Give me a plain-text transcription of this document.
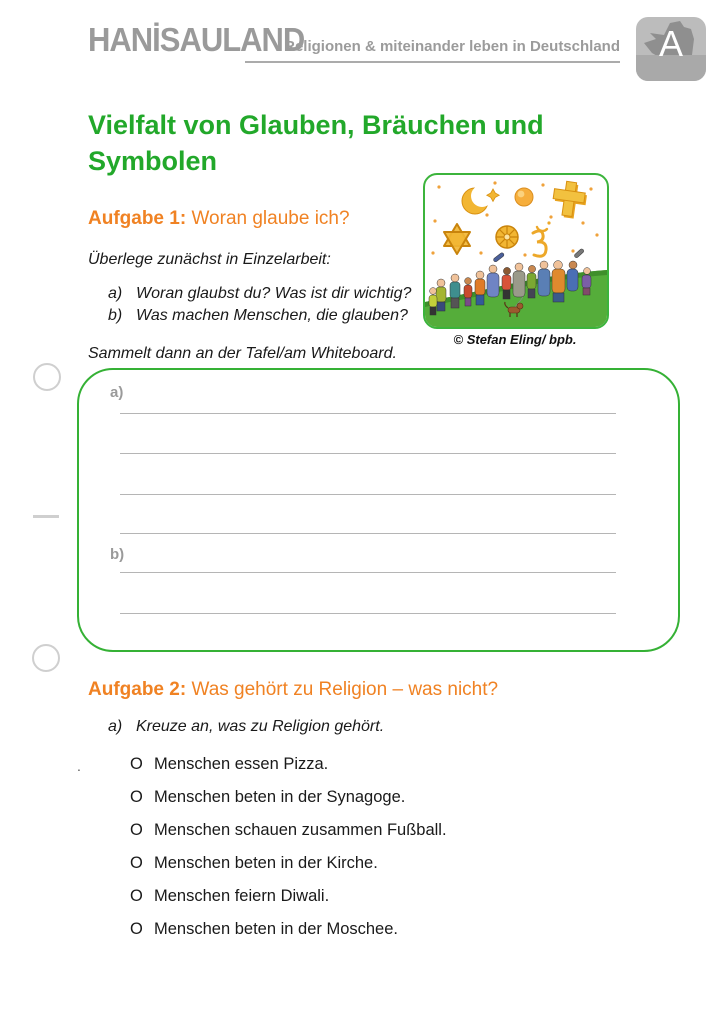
HANİSAULAND
Religionen & miteinander leben in Deutschland	A
Vielfalt von Glauben, Bräuchen und Symbolen
Aufgabe 1: Woran glaube ich?
© Stefan Eling/ bpb.
Überlege zunächst in Einzelarbeit:
a) Woran glaubst du? Was ist dir wichtig?
b) Was machen Menschen, die glauben?
Sammelt dann an der Tafel/am Whiteboard.
a)
b)
Aufgabe 2: Was gehört zu Religion – was nicht?
a) Kreuze an, was zu Religion gehört.
.	O Menschen essen Pizza.
O Menschen beten in der Synagoge.
O Menschen schauen zusammen Fußball.
O Menschen beten in der Kirche.
O Menschen feiern Diwali.
O Menschen beten in der Moschee.
